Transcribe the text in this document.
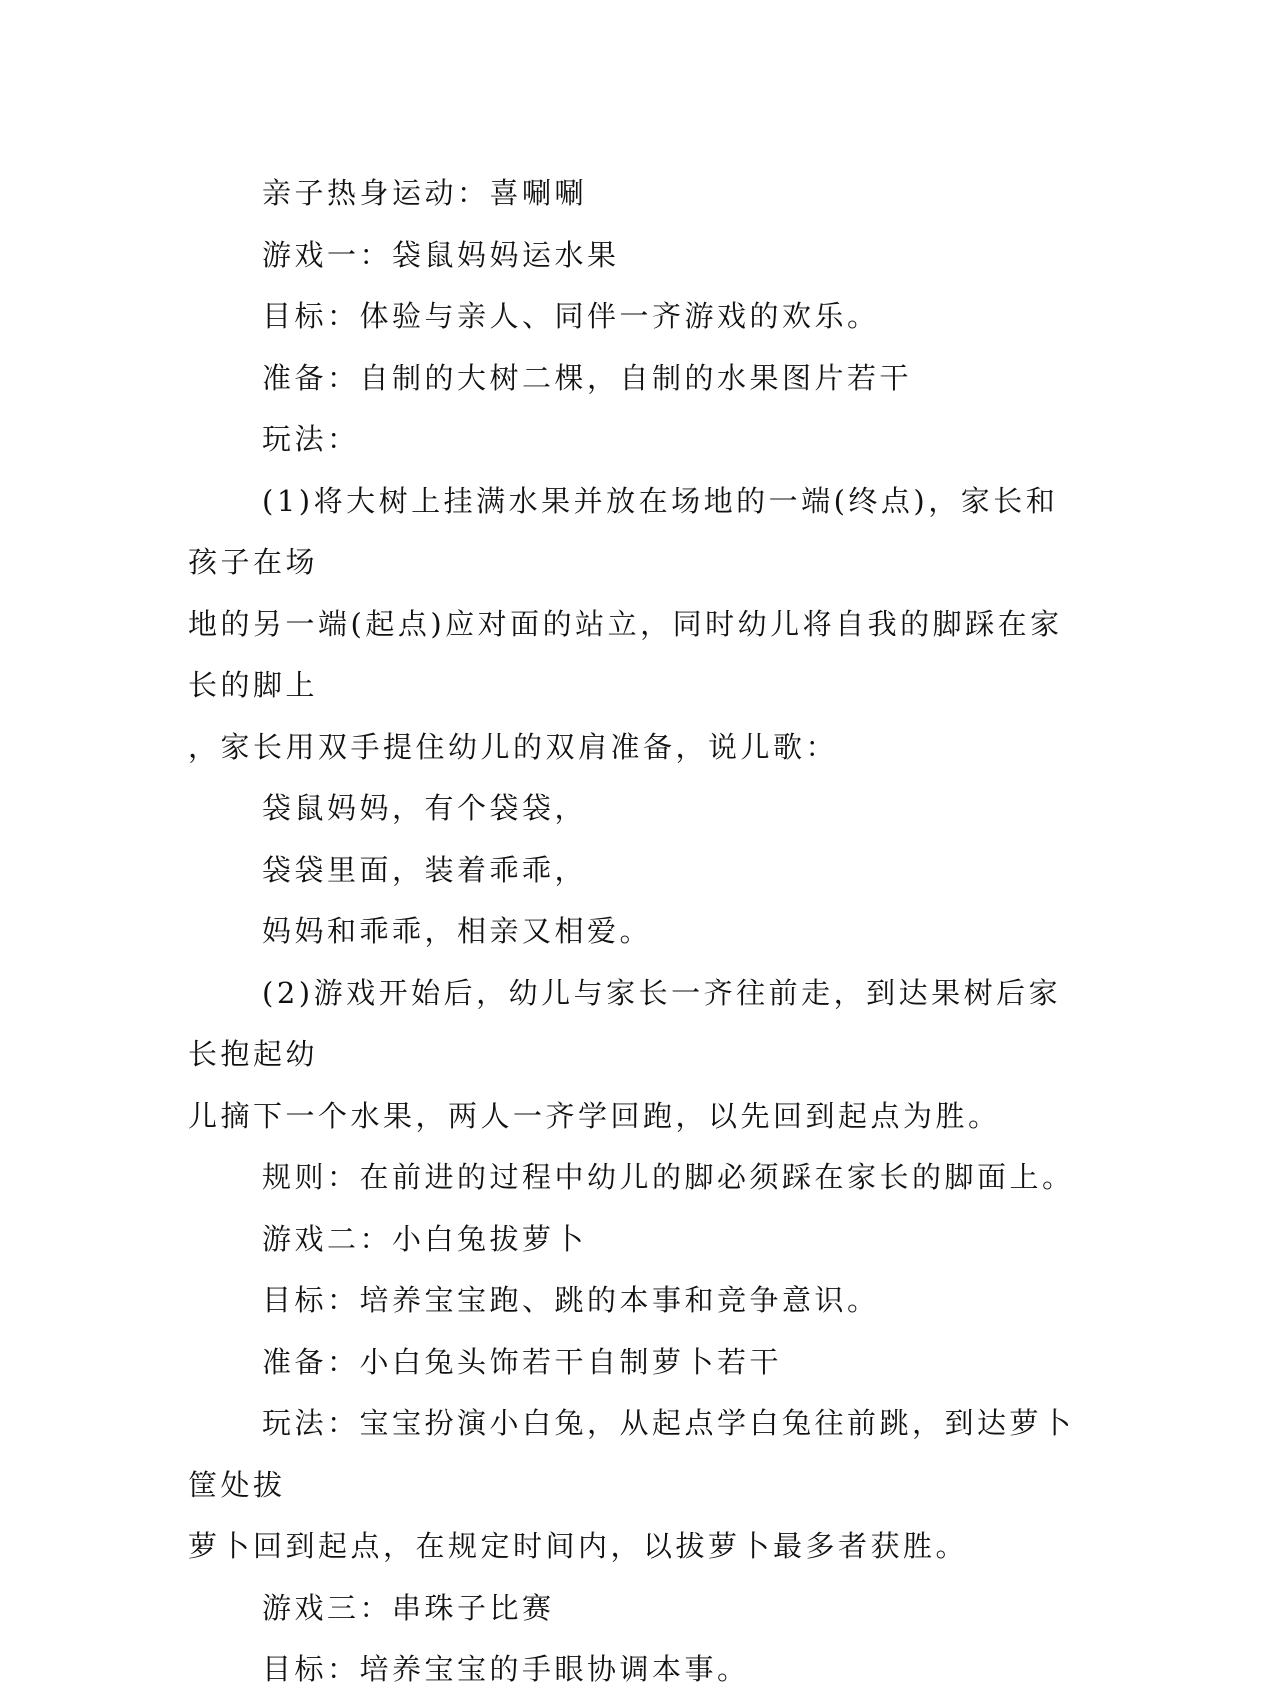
亲子热身运动：喜唰唰

游戏一：袋鼠妈妈运水果

目标：体验与亲人、同伴一齐游戏的欢乐。

准备：自制的大树二棵，自制的水果图片若干

玩法：

(1)将大树上挂满水果并放在场地的一端(终点)，家长和孩子在场

地的另一端(起点)应对面的站立，同时幼儿将自我的脚踩在家长的脚上

，家长用双手提住幼儿的双肩准备，说儿歌：

袋鼠妈妈，有个袋袋，

袋袋里面，装着乖乖，

妈妈和乖乖，相亲又相爱。

(2)游戏开始后，幼儿与家长一齐往前走，到达果树后家长抱起幼

儿摘下一个水果，两人一齐学回跑，以先回到起点为胜。

规则：在前进的过程中幼儿的脚必须踩在家长的脚面上。

游戏二：小白兔拔萝卜

目标：培养宝宝跑、跳的本事和竞争意识。

准备：小白兔头饰若干自制萝卜若干

玩法：宝宝扮演小白兔，从起点学白兔往前跳，到达萝卜筐处拔

萝卜回到起点，在规定时间内，以拔萝卜最多者获胜。

游戏三：串珠子比赛

目标：培养宝宝的手眼协调本事。
